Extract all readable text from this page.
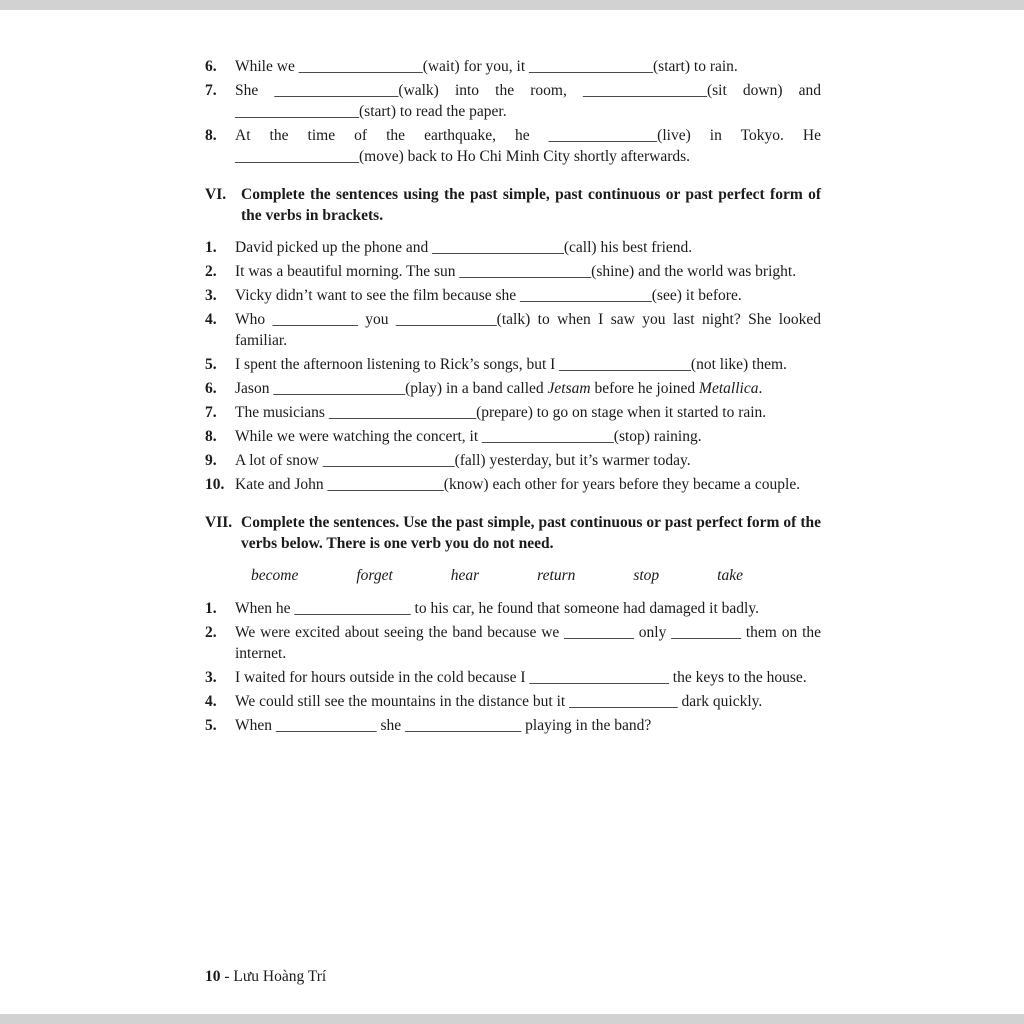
6.	While we ________________(wait) for you, it ________________(start) to rain.
7.	She ________________(walk) into the room, ________________(sit down) and ________________(start) to read the paper.
8.	At the time of the earthquake, he ______________(live) in Tokyo. He ________________(move) back to Ho Chi Minh City shortly afterwards.
VI. Complete the sentences using the past simple, past continuous or past perfect form of the verbs in brackets.
1.	David picked up the phone and _________________(call) his best friend.
2.	It was a beautiful morning. The sun _________________(shine) and the world was bright.
3.	Vicky didn’t want to see the film because she _________________(see) it before.
4.	Who ___________ you _____________(talk) to when I saw you last night? She looked familiar.
5.	I spent the afternoon listening to Rick’s songs, but I _________________(not like) them.
6.	Jason _________________(play) in a band called Jetsam before he joined Metallica.
7.	The musicians ___________________(prepare) to go on stage when it started to rain.
8.	While we were watching the concert, it _________________(stop) raining.
9.	A lot of snow _________________(fall) yesterday, but it’s warmer today.
10. Kate and John _______________(know) each other for years before they became a couple.
VII. Complete the sentences. Use the past simple, past continuous or past perfect form of the verbs below. There is one verb you do not need.
become	forget	hear	return	stop	take
1.	When he _______________ to his car, he found that someone had damaged it badly.
2.	We were excited about seeing the band because we _________ only _________ them on the internet.
3.	I waited for hours outside in the cold because I __________________ the keys to the house.
4.	We could still see the mountains in the distance but it ______________ dark quickly.
5.	When _____________ she _______________ playing in the band?
10 - Lưu Hoàng Trí
